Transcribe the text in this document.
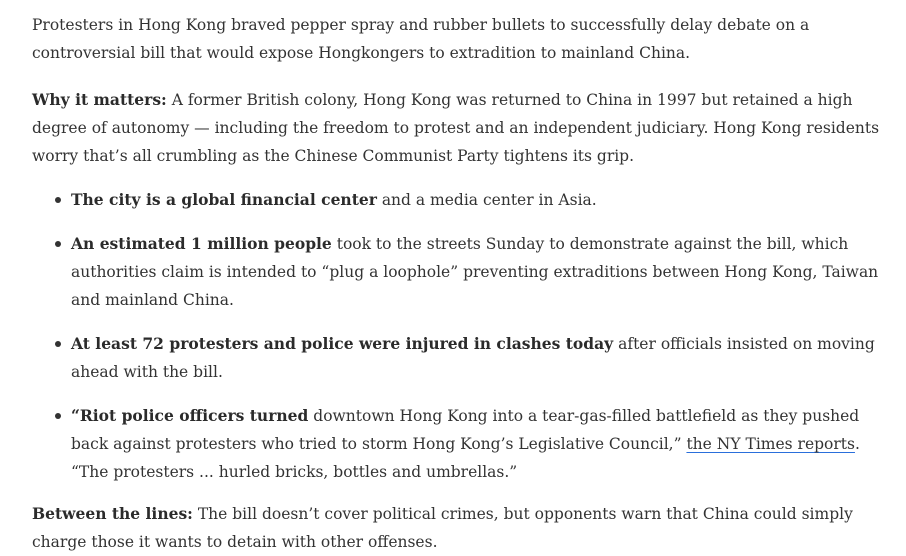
Protesters in Hong Kong braved pepper spray and rubber bullets to successfully delay debate on a controversial bill that would expose Hongkongers to extradition to mainland China.

Why it matters: A former British colony, Hong Kong was returned to China in 1997 but retained a high degree of autonomy — including the freedom to protest and an independent judiciary. Hong Kong residents worry that’s all crumbling as the Chinese Communist Party tightens its grip.

The city is a global financial center and a media center in Asia.
An estimated 1 million people took to the streets Sunday to demonstrate against the bill, which authorities claim is intended to “plug a loophole” preventing extraditions between Hong Kong, Taiwan and mainland China.
At least 72 protesters and police were injured in clashes today after officials insisted on moving ahead with the bill.
“Riot police officers turned downtown Hong Kong into a tear-gas-filled battlefield as they pushed back against protesters who tried to storm Hong Kong’s Legislative Council,” the NY Times reports. “The protesters ... hurled bricks, bottles and umbrellas.”

Between the lines: The bill doesn’t cover political crimes, but opponents warn that China could simply charge those it wants to detain with other offenses.
